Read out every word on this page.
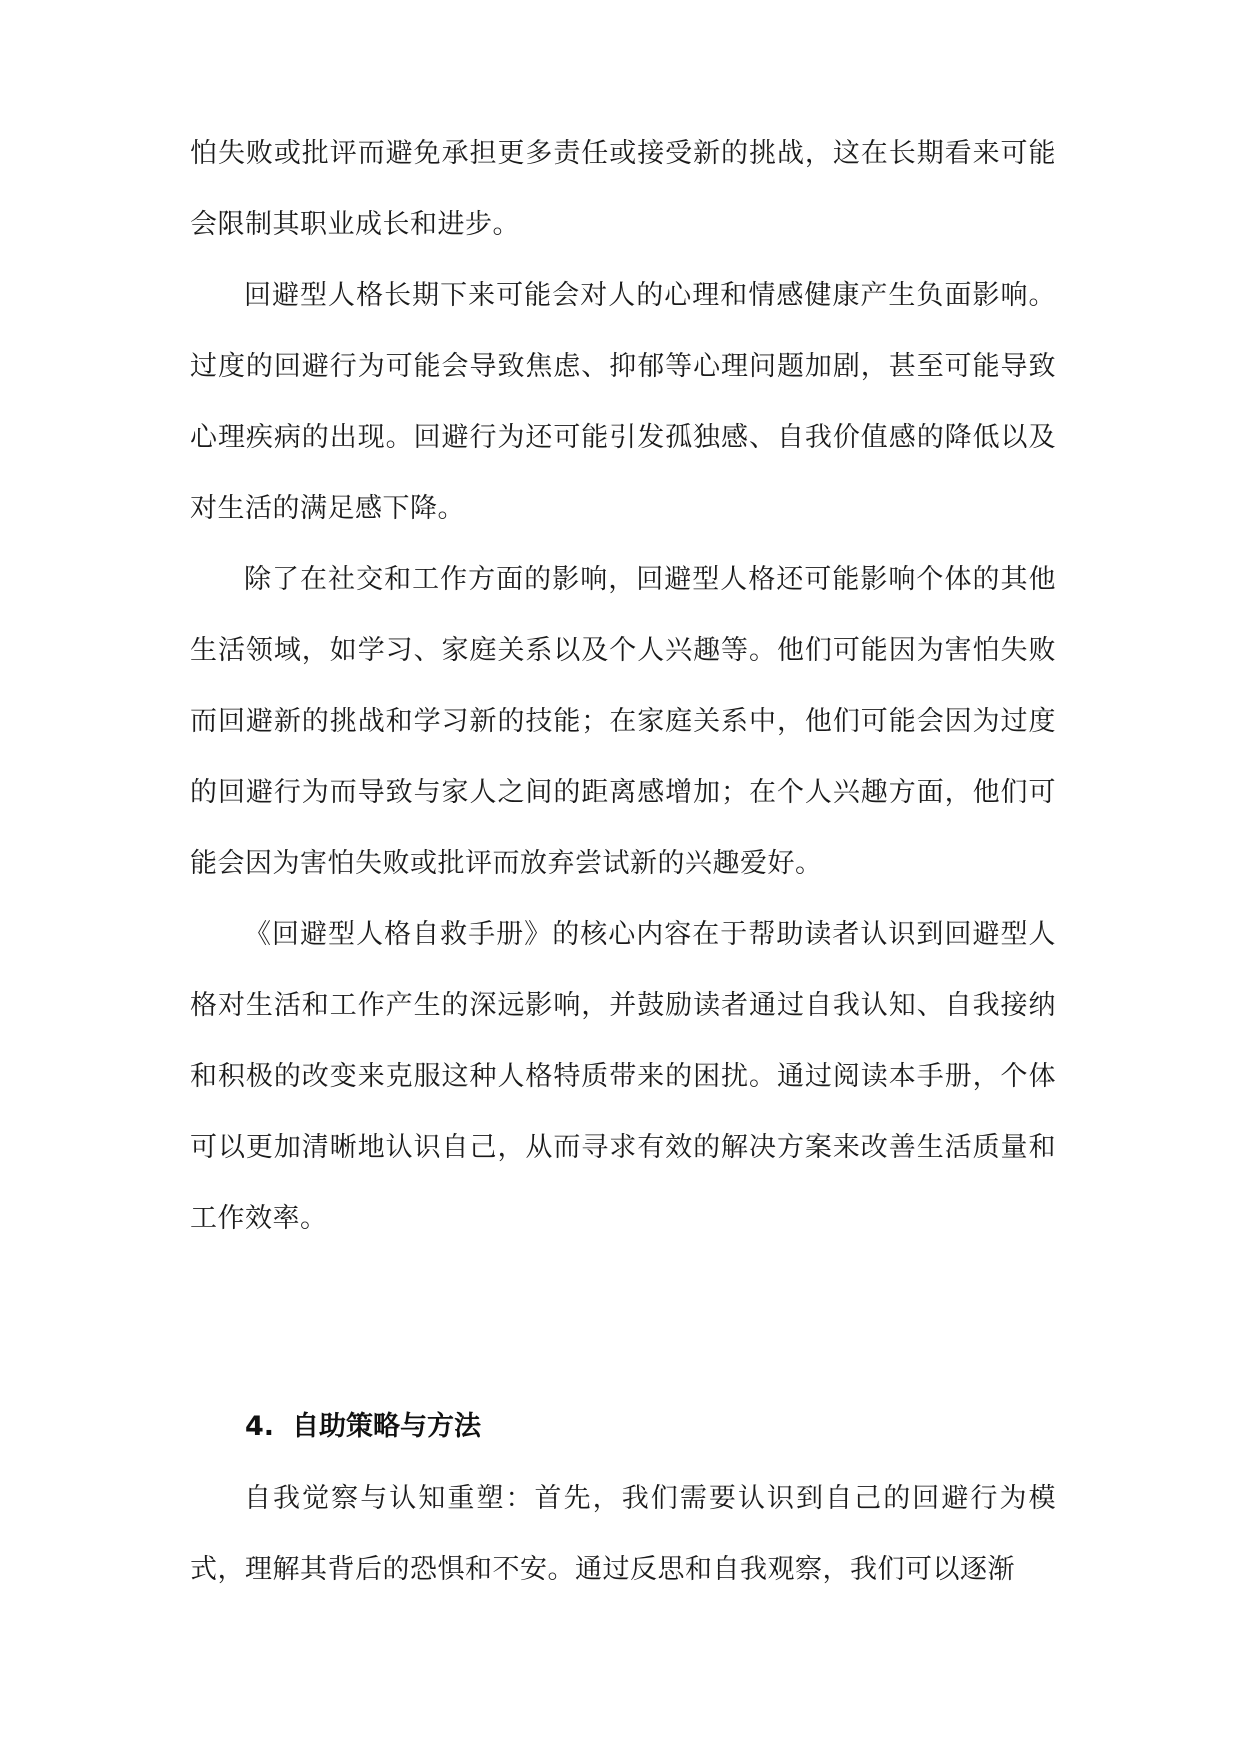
怕失败或批评而避免承担更多责任或接受新的挑战，这在长期看来可能会限制其职业成长和进步。

回避型人格长期下来可能会对人的心理和情感健康产生负面影响。过度的回避行为可能会导致焦虑、抑郁等心理问题加剧，甚至可能导致心理疾病的出现。回避行为还可能引发孤独感、自我价值感的降低以及对生活的满足感下降。

除了在社交和工作方面的影响，回避型人格还可能影响个体的其他生活领域，如学习、家庭关系以及个人兴趣等。他们可能因为害怕失败而回避新的挑战和学习新的技能；在家庭关系中，他们可能会因为过度的回避行为而导致与家人之间的距离感增加；在个人兴趣方面，他们可能会因为害怕失败或批评而放弃尝试新的兴趣爱好。

《回避型人格自救手册》的核心内容在于帮助读者认识到回避型人格对生活和工作产生的深远影响，并鼓励读者通过自我认知、自我接纳和积极的改变来克服这种人格特质带来的困扰。通过阅读本手册，个体可以更加清晰地认识自己，从而寻求有效的解决方案来改善生活质量和工作效率。

4. 自助策略与方法

自我觉察与认知重塑：首先，我们需要认识到自己的回避行为模式，理解其背后的恐惧和不安。通过反思和自我观察，我们可以逐渐
